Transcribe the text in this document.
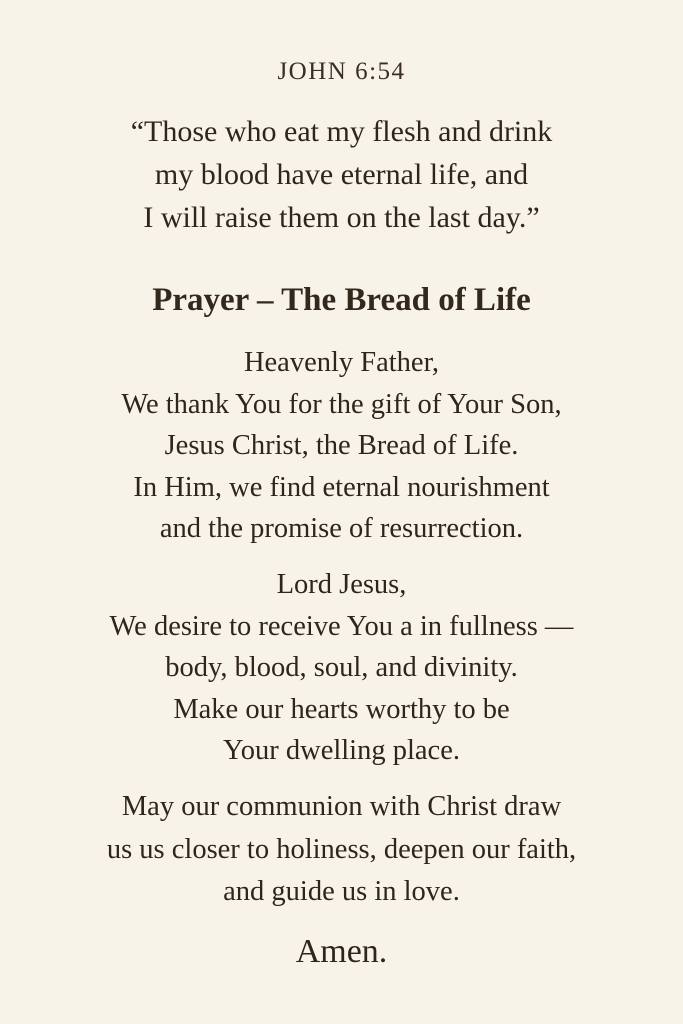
JOHN 6:54
“Those who eat my flesh and drink
my blood have eternal life, and
I will raise them on the last day.”
Prayer – The Bread of Life
Heavenly Father,
We thank You for the gift of Your Son,
Jesus Christ, the Bread of Life.
In Him, we find eternal nourishment
and the promise of resurrection.
Lord Jesus,
We desire to receive You a in fullness —
body, blood, soul, and divinity.
Make our hearts worthy to be
Your dwelling place.
May our communion with Christ draw
us us closer to holiness, deepen our faith,
and guide us in love.
Amen.
